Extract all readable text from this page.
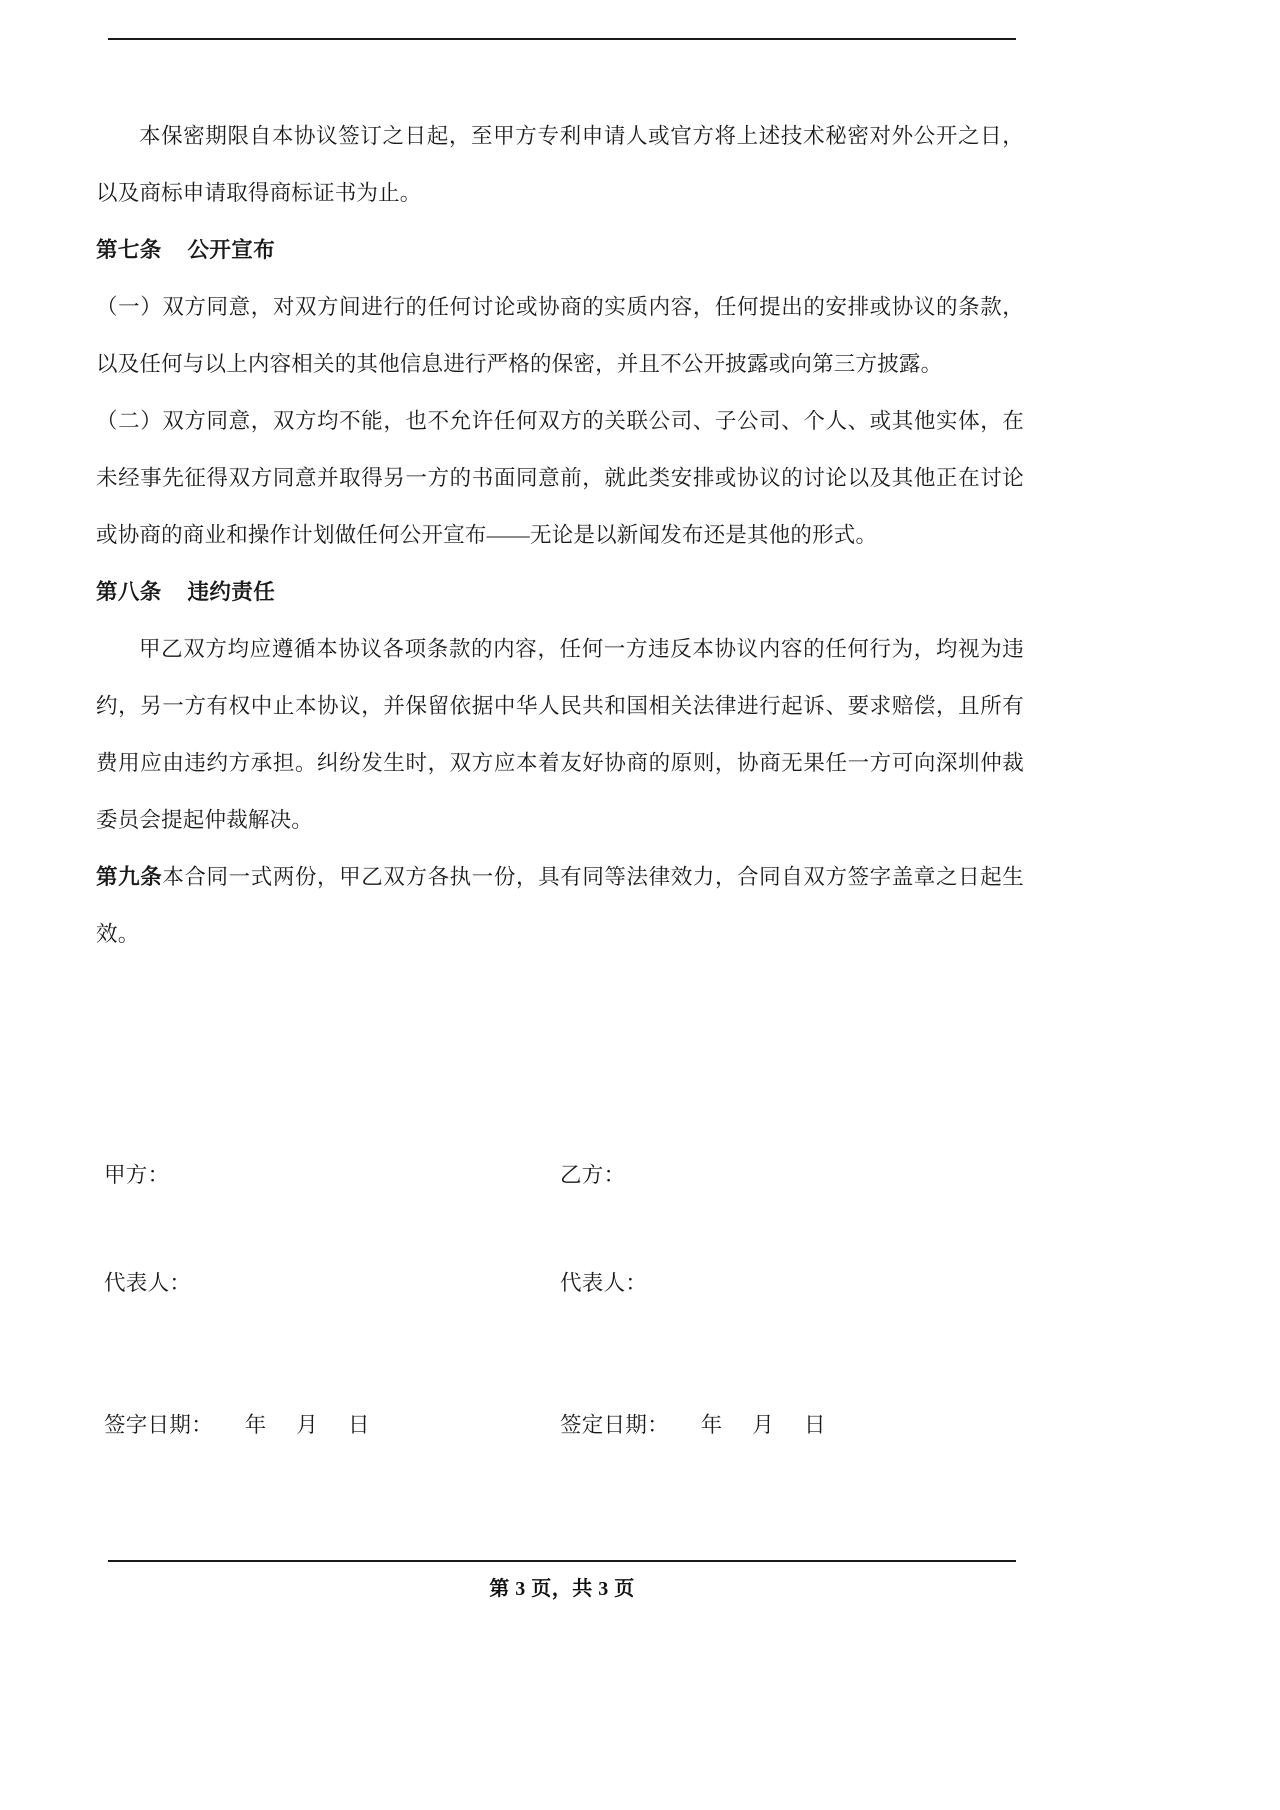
本保密期限自本协议签订之日起，至甲方专利申请人或官方将上述技术秘密对外公开之日，以及商标申请取得商标证书为止。

第七条 公开宣布

（一）双方同意，对双方间进行的任何讨论或协商的实质内容，任何提出的安排或协议的条款，以及任何与以上内容相关的其他信息进行严格的保密，并且不公开披露或向第三方披露。

（二）双方同意，双方均不能，也不允许任何双方的关联公司、子公司、个人、或其他实体，在未经事先征得双方同意并取得另一方的书面同意前，就此类安排或协议的讨论以及其他正在讨论或协商的商业和操作计划做任何公开宣布——无论是以新闻发布还是其他的形式。

第八条 违约责任

甲乙双方均应遵循本协议各项条款的内容，任何一方违反本协议内容的任何行为，均视为违约，另一方有权中止本协议，并保留依据中华人民共和国相关法律进行起诉、要求赔偿，且所有费用应由违约方承担。纠纷发生时，双方应本着友好协商的原则，协商无果任一方可向深圳仲裁委员会提起仲裁解决。

第九条本合同一式两份，甲乙双方各执一份，具有同等法律效力，合同自双方签字盖章之日起生效。

甲方：	乙方：
代表人：	代表人：
签字日期： 年 月 日	签定日期： 年 月 日
第 3 页，共 3 页
